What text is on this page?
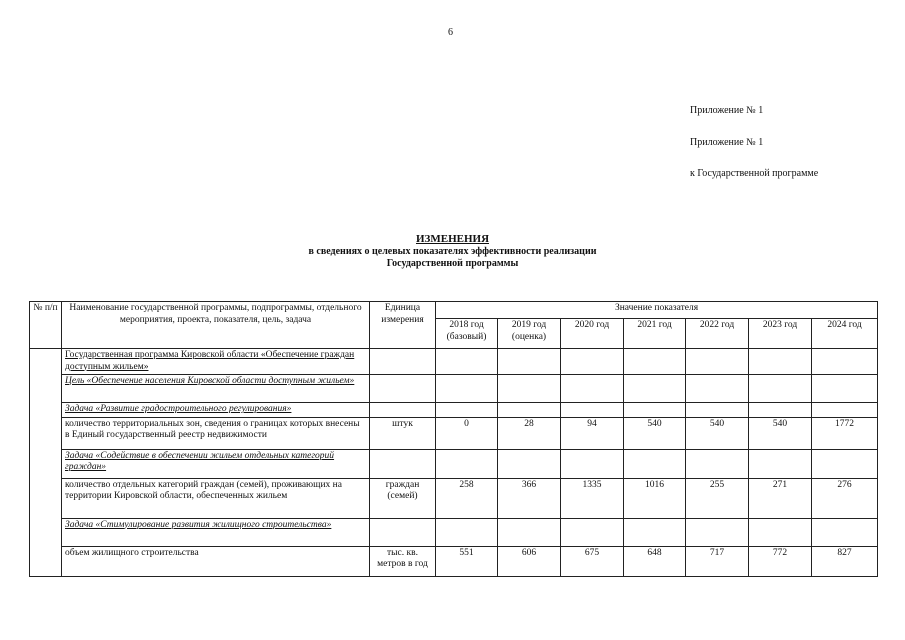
6
Приложение № 1
Приложение № 1
к Государственной программе
ИЗМЕНЕНИЯ
в сведениях о целевых показателях эффективности реализации
Государственной программы
№ п/п	Наименование государственной программы, подпрограммы, отдельного мероприятия, проекта, показателя, цель, задача	Единица измерения	Значение показателя						
			2018 год (базовый)	2019 год (оценка)	2020 год	2021 год	2022 год	2023 год	2024 год
	Государственная программа Кировской области «Обеспечение граждан доступным жильем»								
	Цель «Обеспечение населения Кировской области доступным жильем»								
	Задача «Развитие градостроительного регулирования»								
	количество территориальных зон, сведения о границах которых внесены в Единый государственный реестр недвижимости	штук	0	28	94	540	540	540	1772
	Задача «Содействие в обеспечении жильем отдельных категорий граждан»								
	количество отдельных категорий граждан (семей), проживающих на территории Кировской области, обеспеченных жильем	граждан (семей)	258	366	1335	1016	255	271	276
	Задача «Стимулирование развития жилищного строительства»								
	объем жилищного строительства	тыс. кв. метров в год	551	606	675	648	717	772	827
